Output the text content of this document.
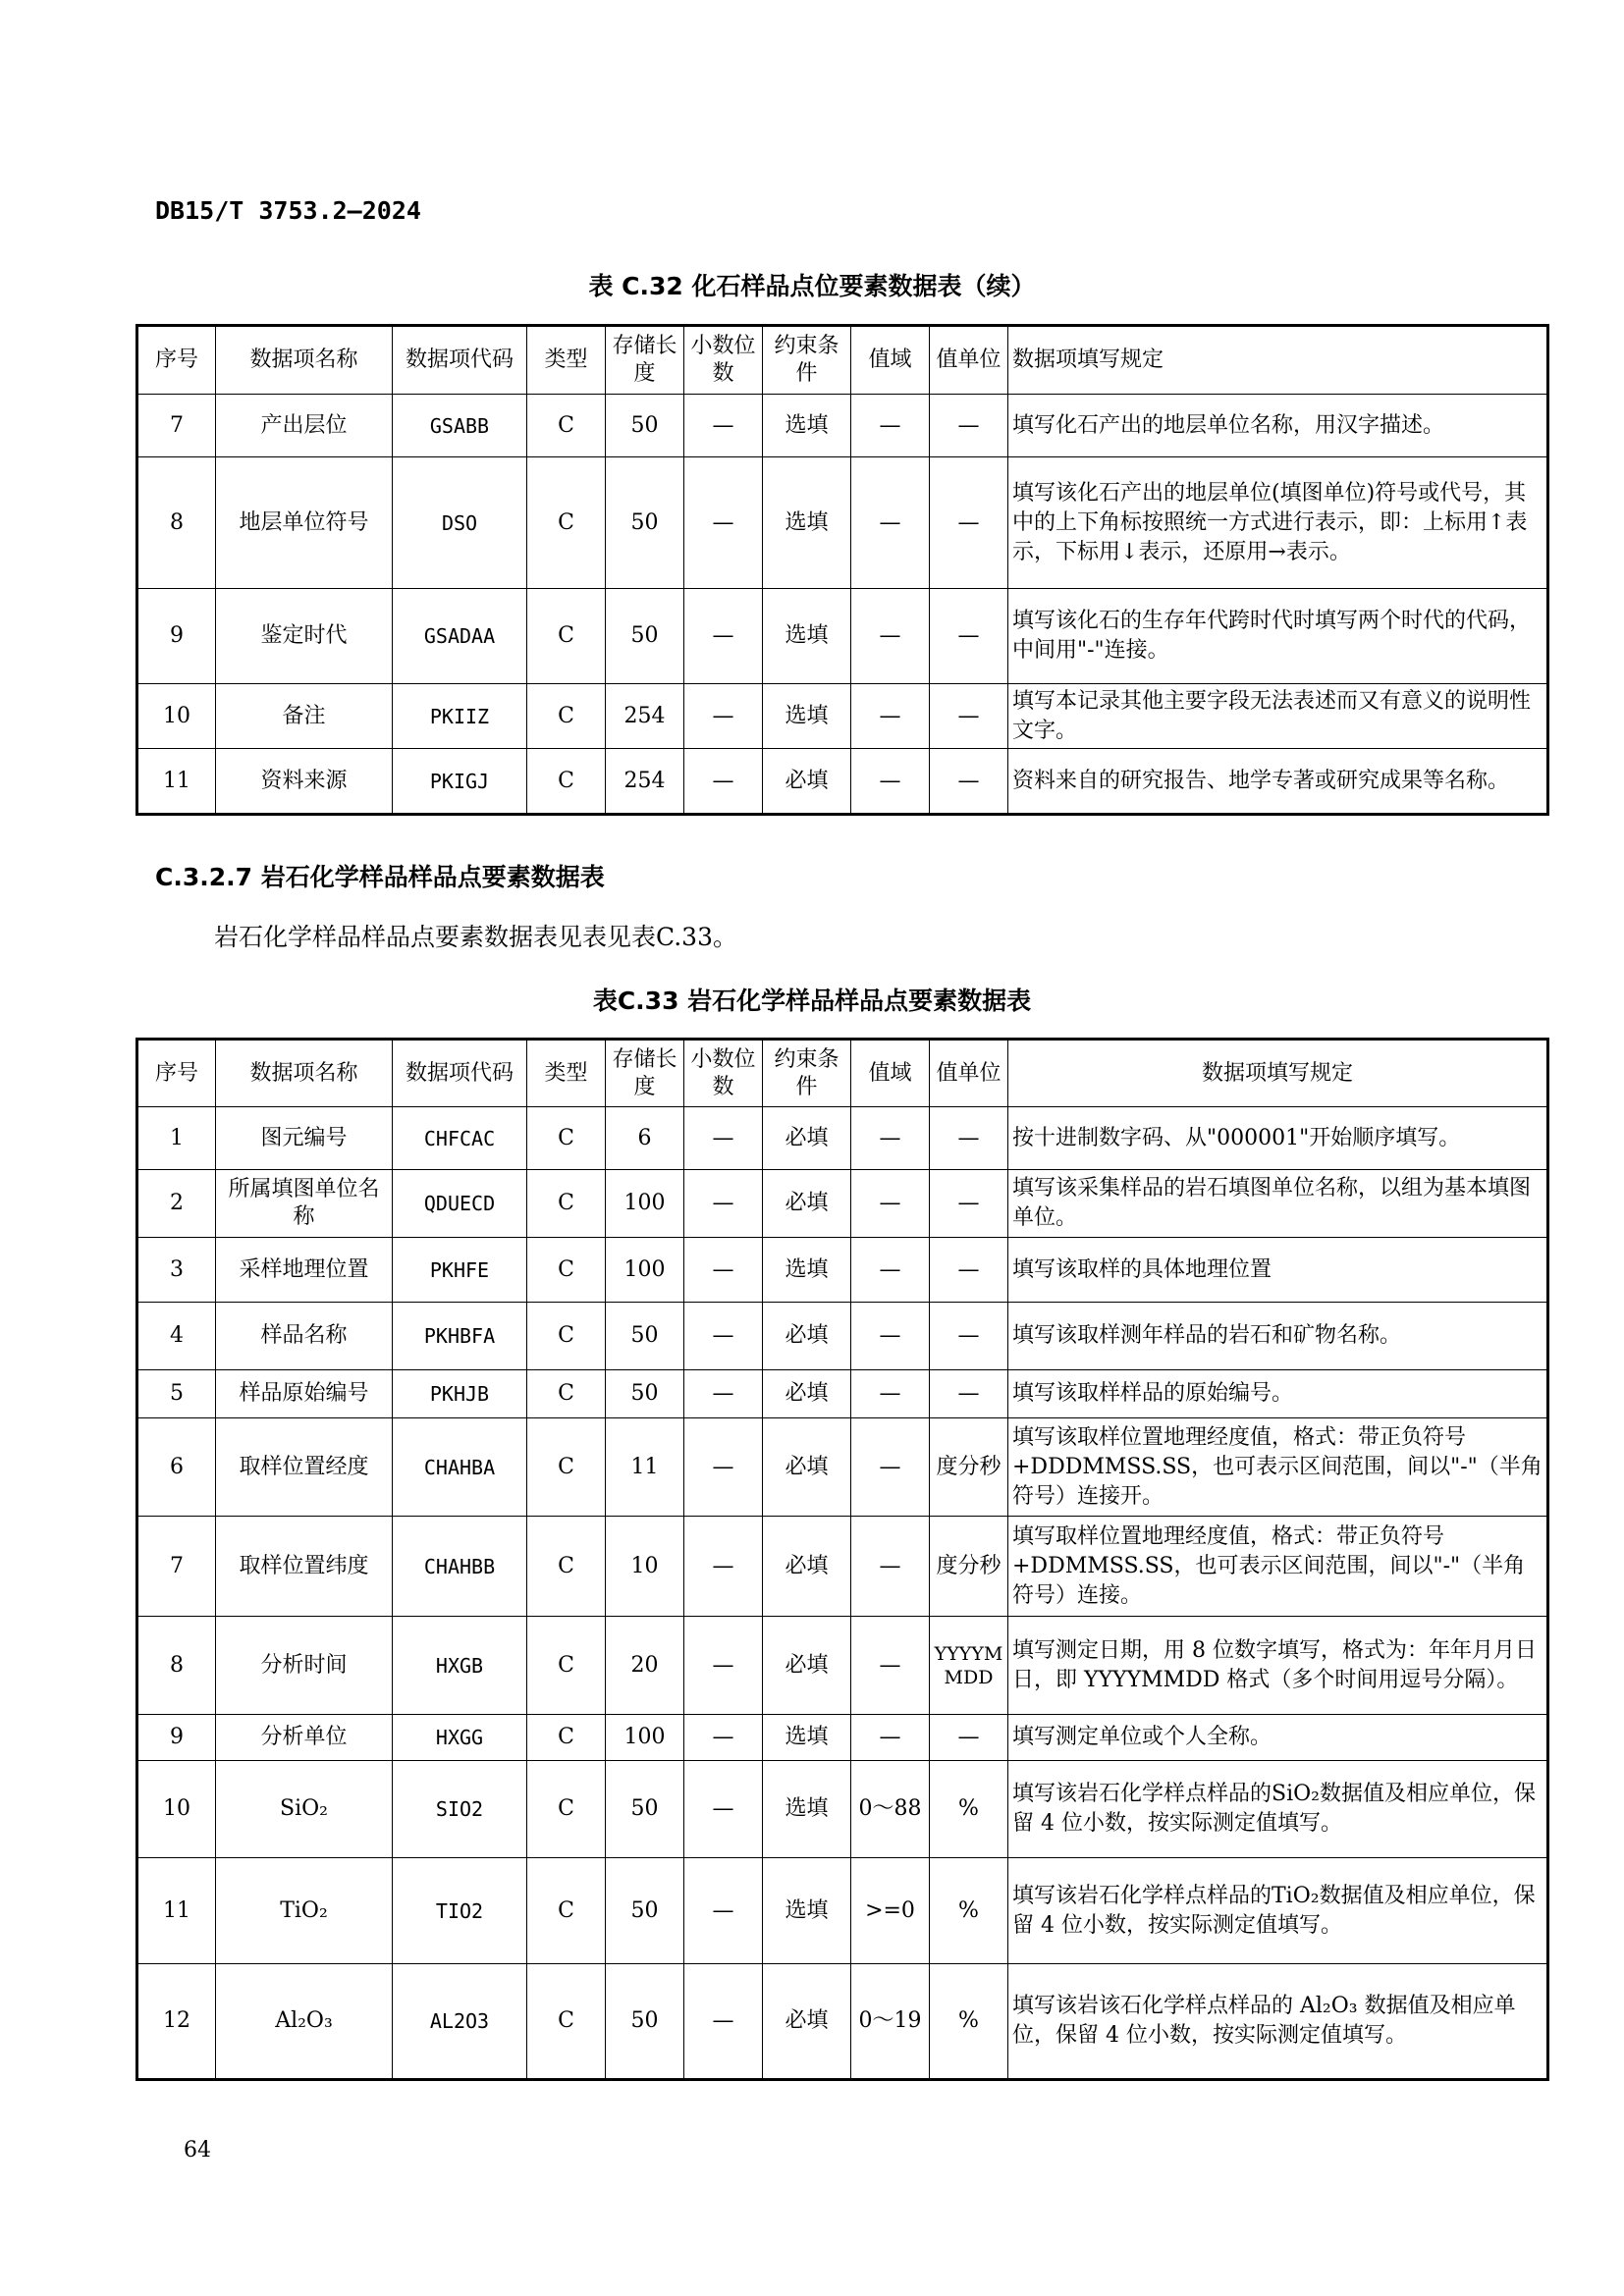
DB15/T 3753.2—2024
表 C.32 化石样品点位要素数据表（续）
序号	数据项名称	数据项代码	类型	存储长度	小数位数	约束条件	值域	值单位	数据项填写规定
7	产出层位	GSABB	C	50	—	选填	—	—	填写化石产出的地层单位名称，用汉字描述。
8	地层单位符号	DSO	C	50	—	选填	—	—	填写该化石产出的地层单位(填图单位)符号或代号，其中的上下角标按照统一方式进行表示，即：上标用↑表示，下标用↓表示，还原用→表示。
9	鉴定时代	GSADAA	C	50	—	选填	—	—	填写该化石的生存年代跨时代时填写两个时代的代码，中间用"-"连接。
10	备注	PKIIZ	C	254	—	选填	—	—	填写本记录其他主要字段无法表述而又有意义的说明性文字。
11	资料来源	PKIGJ	C	254	—	必填	—	—	资料来自的研究报告、地学专著或研究成果等名称。
C.3.2.7 岩石化学样品样品点要素数据表
岩石化学样品样品点要素数据表见表见表C.33。
表C.33 岩石化学样品样品点要素数据表
序号	数据项名称	数据项代码	类型	存储长度	小数位数	约束条件	值域	值单位	数据项填写规定
1	图元编号	CHFCAC	C	6	—	必填	—	—	按十进制数字码、从"000001"开始顺序填写。
2	所属填图单位名称	QDUECD	C	100	—	必填	—	—	填写该采集样品的岩石填图单位名称，以组为基本填图单位。
3	采样地理位置	PKHFE	C	100	—	选填	—	—	填写该取样的具体地理位置
4	样品名称	PKHBFA	C	50	—	必填	—	—	填写该取样测年样品的岩石和矿物名称。
5	样品原始编号	PKHJB	C	50	—	必填	—	—	填写该取样样品的原始编号。
6	取样位置经度	CHAHBA	C	11	—	必填	—	度分秒	填写该取样位置地理经度值，格式：带正负符号+DDDMMSS.SS，也可表示区间范围，间以"-"（半角符号）连接开。
7	取样位置纬度	CHAHBB	C	10	—	必填	—	度分秒	填写取样位置地理经度值，格式：带正负符号+DDMMSS.SS，也可表示区间范围，间以"-"（半角符号）连接。
8	分析时间	HXGB	C	20	—	必填	—	YYYYMMDD	填写测定日期，用 8 位数字填写，格式为：年年月月日日，即 YYYYMMDD 格式（多个时间用逗号分隔）。
9	分析单位	HXGG	C	100	—	选填	—	—	填写测定单位或个人全称。
10	SiO₂	SIO2	C	50	—	选填	0～88	%	填写该岩石化学样点样品的SiO₂数据值及相应单位，保留 4 位小数，按实际测定值填写。
11	TiO₂	TIO2	C	50	—	选填	>=0	%	填写该岩石化学样点样品的TiO₂数据值及相应单位，保留 4 位小数，按实际测定值填写。
12	Al₂O₃	AL2O3	C	50	—	必填	0～19	%	填写该岩该石化学样点样品的 Al₂O₃ 数据值及相应单位，保留 4 位小数，按实际测定值填写。
64
